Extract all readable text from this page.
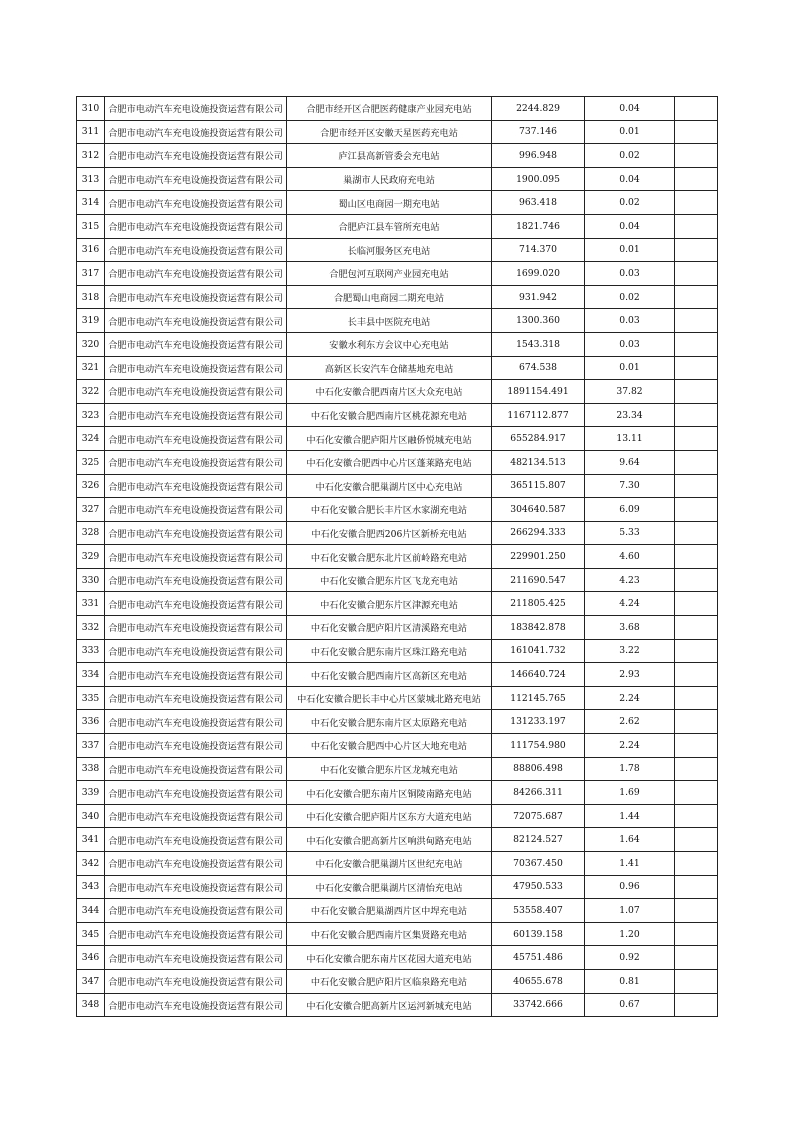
310	合肥市电动汽车充电设施投资运营有限公司	合肥市经开区合肥医药健康产业园充电站	2244.829	0.04	
311	合肥市电动汽车充电设施投资运营有限公司	合肥市经开区安徽天星医药充电站	737.146	0.01	
312	合肥市电动汽车充电设施投资运营有限公司	庐江县高新管委会充电站	996.948	0.02	
313	合肥市电动汽车充电设施投资运营有限公司	巢湖市人民政府充电站	1900.095	0.04	
314	合肥市电动汽车充电设施投资运营有限公司	蜀山区电商园一期充电站	963.418	0.02	
315	合肥市电动汽车充电设施投资运营有限公司	合肥庐江县车管所充电站	1821.746	0.04	
316	合肥市电动汽车充电设施投资运营有限公司	长临河服务区充电站	714.370	0.01	
317	合肥市电动汽车充电设施投资运营有限公司	合肥包河互联网产业园充电站	1699.020	0.03	
318	合肥市电动汽车充电设施投资运营有限公司	合肥蜀山电商园二期充电站	931.942	0.02	
319	合肥市电动汽车充电设施投资运营有限公司	长丰县中医院充电站	1300.360	0.03	
320	合肥市电动汽车充电设施投资运营有限公司	安徽水利东方会议中心充电站	1543.318	0.03	
321	合肥市电动汽车充电设施投资运营有限公司	高新区长安汽车仓储基地充电站	674.538	0.01	
322	合肥市电动汽车充电设施投资运营有限公司	中石化安徽合肥西南片区大众充电站	1891154.491	37.82	
323	合肥市电动汽车充电设施投资运营有限公司	中石化安徽合肥西南片区桃花源充电站	1167112.877	23.34	
324	合肥市电动汽车充电设施投资运营有限公司	中石化安徽合肥庐阳片区融侨悦城充电站	655284.917	13.11	
325	合肥市电动汽车充电设施投资运营有限公司	中石化安徽合肥西中心片区蓬莱路充电站	482134.513	9.64	
326	合肥市电动汽车充电设施投资运营有限公司	中石化安徽合肥巢湖片区中心充电站	365115.807	7.30	
327	合肥市电动汽车充电设施投资运营有限公司	中石化安徽合肥长丰片区水家湖充电站	304640.587	6.09	
328	合肥市电动汽车充电设施投资运营有限公司	中石化安徽合肥西206片区新桥充电站	266294.333	5.33	
329	合肥市电动汽车充电设施投资运营有限公司	中石化安徽合肥东北片区前岭路充电站	229901.250	4.60	
330	合肥市电动汽车充电设施投资运营有限公司	中石化安徽合肥东片区飞龙充电站	211690.547	4.23	
331	合肥市电动汽车充电设施投资运营有限公司	中石化安徽合肥东片区津源充电站	211805.425	4.24	
332	合肥市电动汽车充电设施投资运营有限公司	中石化安徽合肥庐阳片区清溪路充电站	183842.878	3.68	
333	合肥市电动汽车充电设施投资运营有限公司	中石化安徽合肥东南片区珠江路充电站	161041.732	3.22	
334	合肥市电动汽车充电设施投资运营有限公司	中石化安徽合肥西南片区高新区充电站	146640.724	2.93	
335	合肥市电动汽车充电设施投资运营有限公司	中石化安徽合肥长丰中心片区蒙城北路充电站	112145.765	2.24	
336	合肥市电动汽车充电设施投资运营有限公司	中石化安徽合肥东南片区太原路充电站	131233.197	2.62	
337	合肥市电动汽车充电设施投资运营有限公司	中石化安徽合肥西中心片区大地充电站	111754.980	2.24	
338	合肥市电动汽车充电设施投资运营有限公司	中石化安徽合肥东片区龙城充电站	88806.498	1.78	
339	合肥市电动汽车充电设施投资运营有限公司	中石化安徽合肥东南片区铜陵南路充电站	84266.311	1.69	
340	合肥市电动汽车充电设施投资运营有限公司	中石化安徽合肥庐阳片区东方大道充电站	72075.687	1.44	
341	合肥市电动汽车充电设施投资运营有限公司	中石化安徽合肥高新片区响洪甸路充电站	82124.527	1.64	
342	合肥市电动汽车充电设施投资运营有限公司	中石化安徽合肥巢湖片区世纪充电站	70367.450	1.41	
343	合肥市电动汽车充电设施投资运营有限公司	中石化安徽合肥巢湖片区清怡充电站	47950.533	0.96	
344	合肥市电动汽车充电设施投资运营有限公司	中石化安徽合肥巢湖西片区中垾充电站	53558.407	1.07	
345	合肥市电动汽车充电设施投资运营有限公司	中石化安徽合肥西南片区集贤路充电站	60139.158	1.20	
346	合肥市电动汽车充电设施投资运营有限公司	中石化安徽合肥东南片区花园大道充电站	45751.486	0.92	
347	合肥市电动汽车充电设施投资运营有限公司	中石化安徽合肥庐阳片区临泉路充电站	40655.678	0.81	
348	合肥市电动汽车充电设施投资运营有限公司	中石化安徽合肥高新片区运河新城充电站	33742.666	0.67	
